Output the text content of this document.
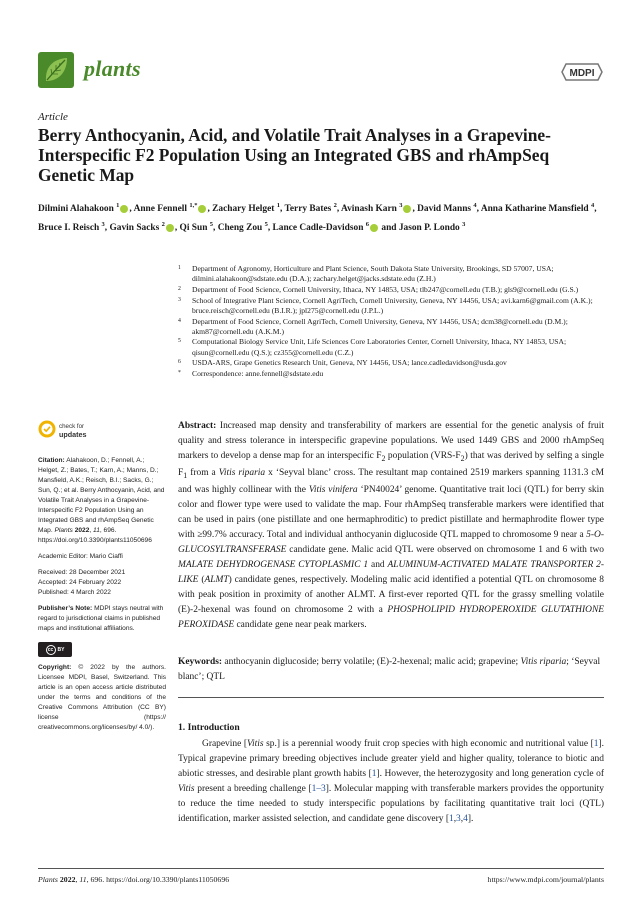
plants	MDPI
Article
Berry Anthocyanin, Acid, and Volatile Trait Analyses in a Grapevine-Interspecific F2 Population Using an Integrated GBS and rhAmpSeq Genetic Map
Dilmini Alahakoon $^1$ , Anne Fennell $^{1,*}$ , Zachary Helget $^1$, Terry Bates $^2$, Avinash Karn $^3$ , David Manns $^4$, Anna Katharine Mansfield $^4$, Bruce I. Reisch $^3$, Gavin Sacks $^2$ , Qi Sun $^5$, Cheng Zou $^5$, Lance Cadle-Davidson $^6$ and Jason P. Londo $^3$
1 Department of Agronomy, Horticulture and Plant Science, South Dakota State University, Brookings, SD 57007, USA; dilmini.alahakoon@sdstate.edu (D.A.); zachary.helget@jacks.sdstate.edu (Z.H.)
2 Department of Food Science, Cornell University, Ithaca, NY 14853, USA; tlb247@cornell.edu (T.B.); gls9@cornell.edu (G.S.)
3 School of Integrative Plant Science, Cornell AgriTech, Cornell University, Geneva, NY 14456, USA; avi.karn6@gmail.com (A.K.); bruce.reisch@cornell.edu (B.I.R.); jpl275@cornell.edu (J.P.L.)
4 Department of Food Science, Cornell AgriTech, Cornell University, Geneva, NY 14456, USA; dcm38@cornell.edu (D.M.); akm87@cornell.edu (A.K.M.)
5 Computational Biology Service Unit, Life Sciences Core Laboratories Center, Cornell University, Ithaca, NY 14853, USA; qisun@cornell.edu (Q.S.); cz355@cornell.edu (C.Z.)
6 USDA-ARS, Grape Genetics Research Unit, Geneva, NY 14456, USA; lance.cadledavidson@usda.gov
* Correspondence: anne.fennell@sdstate.edu
check for
updates

Citation: Alahakoon, D.; Fennell, A.; Helget, Z.; Bates, T.; Karn, A.; Manns, D.; Mansfield, A.K.; Reisch, B.I.; Sacks, G.; Sun, Q.; et al. Berry Anthocyanin, Acid, and Volatile Trait Analyses in a Grapevine-Interspecific F2 Population Using an Integrated GBS and rhAmpSeq Genetic Map. Plants 2022, 11, 696. https://doi.org/10.3390/plants11050696

Academic Editor: Mario Ciaffi

Received: 28 December 2021
Accepted: 24 February 2022
Published: 4 March 2022

Publisher’s Note: MDPI stays neutral with regard to jurisdictional claims in published maps and institutional affiliations.

cc BY

Copyright: © 2022 by the authors. Licensee MDPI, Basel, Switzerland. This article is an open access article distributed under the terms and conditions of the Creative Commons Attribution (CC BY) license (https:// creativecommons.org/licenses/by/ 4.0/).

Abstract: Increased map density and transferability of markers are essential for the genetic analysis of fruit quality and stress tolerance in interspecific grapevine populations. We used 1449 GBS and 2000 rhAmpSeq markers to develop a dense map for an interspecific $F_2$ population $(VRS-F_2)$ that was derived by selfing a single $F_1$ from a Vitis riparia x ‘Seyval blanc’ cross. The resultant map contained 2519 markers spanning 1131.3 cM and was highly collinear with the Vitis vinifera ‘PN40024’ genome. Quantitative trait loci (QTL) for berry skin color and flower type were used to validate the map. Four rhAmpSeq transferable markers were identified that can be used in pairs (one pistillate and one hermaphroditic) to predict pistillate and hermaphrodite flower type with ≥99.7% accuracy. Total and individual anthocyanin diglucoside QTL mapped to chromosome 9 near a 5-O-GLUCOSYLTRANSFERASE candidate gene. Malic acid QTL were observed on chromosome 1 and 6 with two MALATE DEHYDROGENASE CYTOPLASMIC 1 and ALUMINUM-ACTIVATED MALATE TRANSPORTER 2-LIKE (ALMT) candidate genes, respectively. Modeling malic acid identified a potential QTL on chromosome 8 with peak position in proximity of another ALMT. A first-ever reported QTL for the grassy smelling volatile (E)-2-hexenal was found on chromosome 2 with a PHOSPHOLIPID HYDROPEROXIDE GLUTATHIONE PEROXIDASE candidate gene near peak markers.
Keywords: anthocyanin diglucoside; berry volatile; (E)-2-hexenal; malic acid; grapevine; Vitis riparia; ‘Seyval blanc’; QTL
1. Introduction
Grapevine [Vitis sp.] is a perennial woody fruit crop species with high economic and nutritional value [1]. Typical grapevine primary breeding objectives include greater yield and higher quality, tolerance to biotic and abiotic stresses, and desirable plant growth habits [1]. However, the heterozygosity and long generation cycle of Vitis present a breeding challenge [1–3]. Molecular mapping with transferable markers provides the opportunity to reduce the time needed to study interspecific populations by facilitating quantitative trait loci (QTL) identification, marker assisted selection, and candidate gene discovery [1,3,4].
Plants 2022, 11, 696. https://doi.org/10.3390/plants11050696	https://www.mdpi.com/journal/plants
